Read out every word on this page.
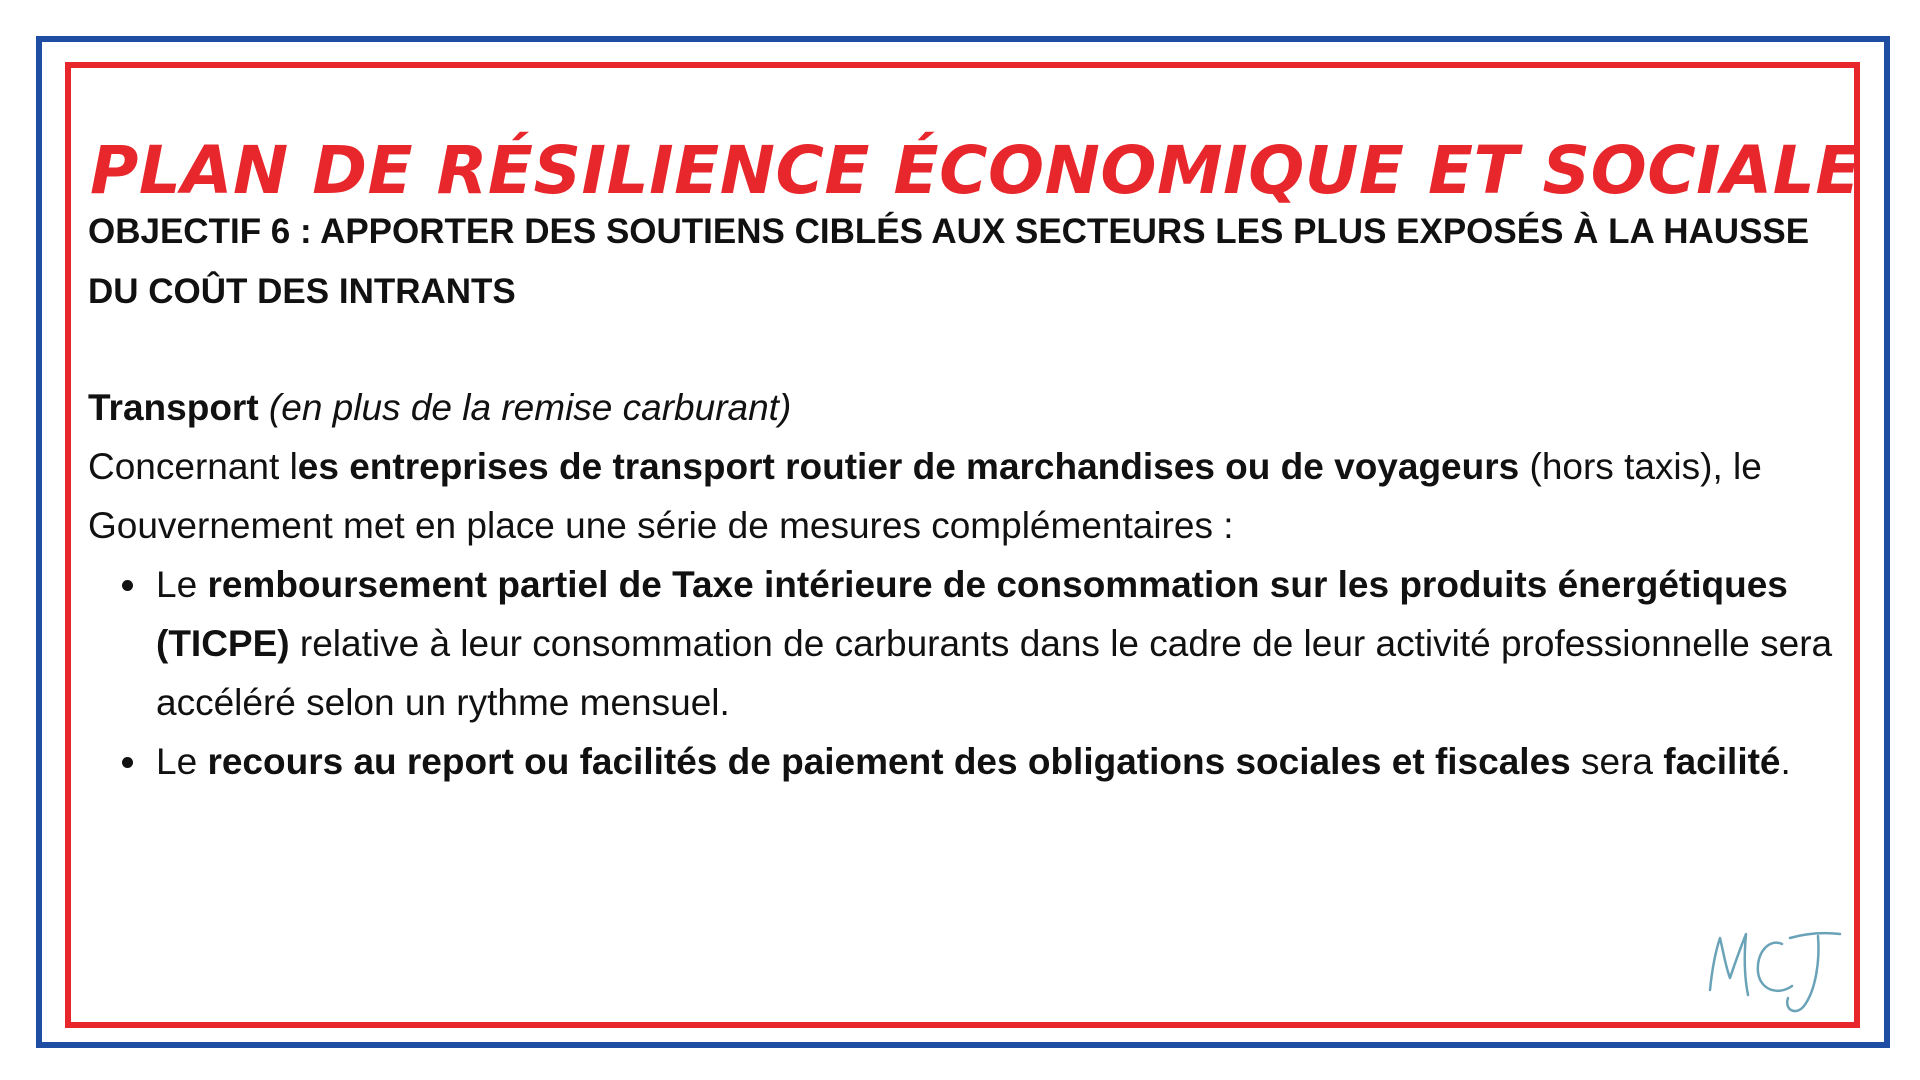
PLAN DE RÉSILIENCE ÉCONOMIQUE ET SOCIALE

OBJECTIF 6 : APPORTER DES SOUTIENS CIBLÉS AUX SECTEURS LES PLUS EXPOSÉS À LA HAUSSE DU COÛT DES INTRANTS

Transport (en plus de la remise carburant)

Concernant les entreprises de transport routier de marchandises ou de voyageurs (hors taxis), le Gouvernement met en place une série de mesures complémentaires :

Le remboursement partiel de Taxe intérieure de consommation sur les produits énergétiques (TICPE) relative à leur consommation de carburants dans le cadre de leur activité professionnelle sera accéléré selon un rythme mensuel.
Le recours au report ou facilités de paiement des obligations sociales et fiscales sera facilité.
